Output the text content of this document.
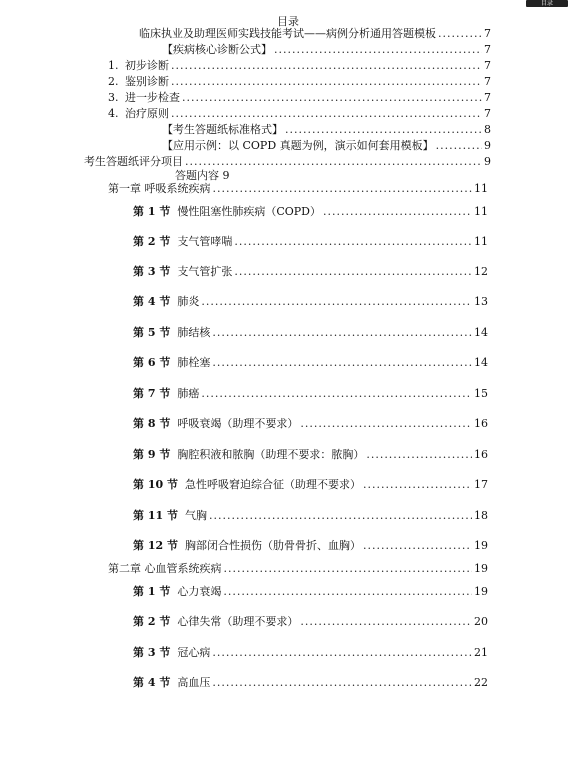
目录
目录
临床执业及助理医师实践技能考试——病例分析通用答题模板 .....	7
【疾病核心诊断公式】 .....	7
1. 初步诊断 .....	7
2. 鉴别诊断 .....	7
3. 进一步检查 .....	7
4. 治疗原则 .....	7
【考生答题纸标准格式】 .....	8
【应用示例：以 COPD 真题为例，演示如何套用模板】 .....	9
考生答题纸评分项目 .....	9
答题内容 9
第一章 呼吸系统疾病 .....	11
第 1 节 慢性阻塞性肺疾病（COPD） .....	11
第 2 节 支气管哮喘 .....	11
第 3 节 支气管扩张 .....	12
第 4 节 肺炎 .....	13
第 5 节 肺结核 .....	14
第 6 节 肺栓塞 .....	14
第 7 节 肺癌 .....	15
第 8 节 呼吸衰竭（助理不要求） .....	16
第 9 节 胸腔积液和脓胸（助理不要求：脓胸） .....	16
第 10 节 急性呼吸窘迫综合征（助理不要求） .....	17
第 11 节 气胸 .....	18
第 12 节 胸部闭合性损伤（肋骨骨折、血胸） .....	19
第二章 心血管系统疾病 .....	19
第 1 节 心力衰竭 .....	19
第 2 节 心律失常（助理不要求） .....	20
第 3 节 冠心病 .....	21
第 4 节 高血压 .....	22
